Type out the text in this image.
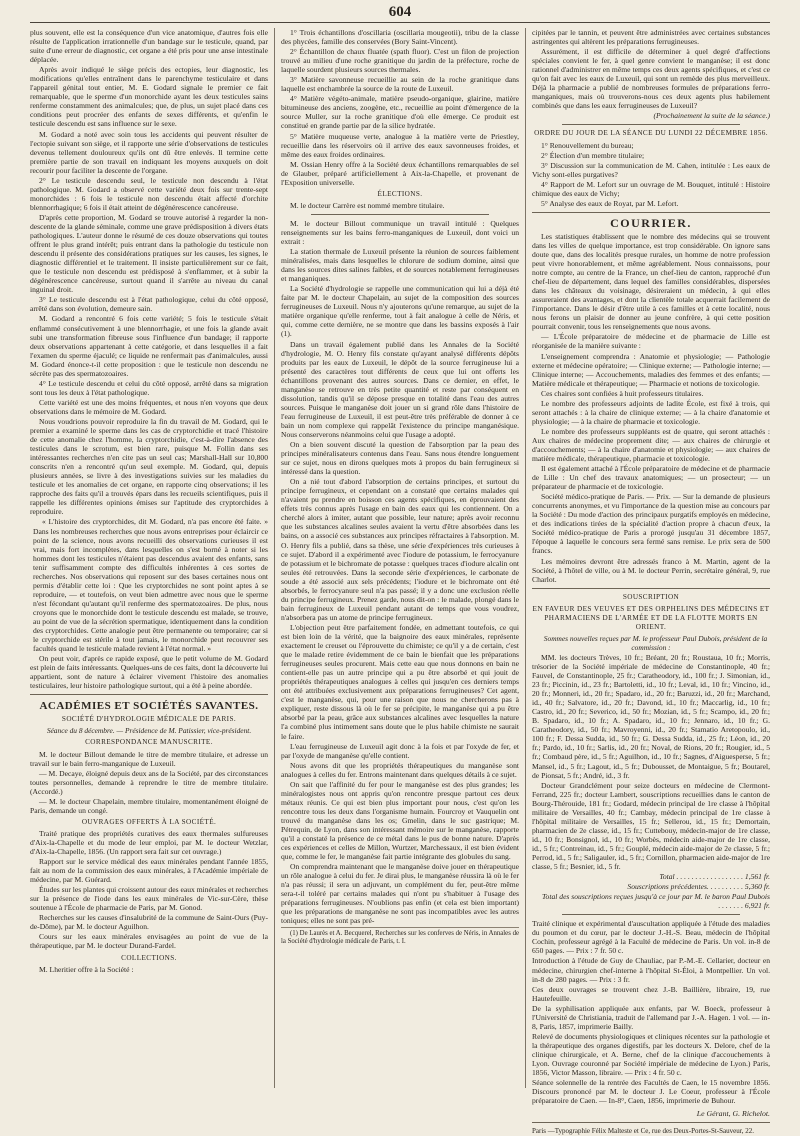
604

plus souvent, elle est la conséquence d'un vice anatomique, d'autres fois elle résulte de l'application irrationnelle d'un bandage sur le testicule, quand, par suite d'une erreur de diagnostic, cet organe a été pris pour une anse intestinale déplacée.

Après avoir indiqué le siège précis des ectopies, leur diagnostic, les modifications qu'elles entraînent dans le parenchyme testiculaire et dans l'appareil génital tout entier, M. E. Godard signale le premier ce fait remarquable, que le sperme d'un monorchide ayant les deux testicules sains renferme constamment des animalcules; que, de plus, un sujet placé dans ces conditions peut procréer des enfants de sexes différents, et qu'enfin le testicule descendu est sans influence sur le sexe.

M. Godard a noté avec soin tous les accidents qui peuvent résulter de l'ectopie suivant son siège, et il rapporte une série d'observations de testicules devenus tellement douloureux qu'ils ont dû être enlevés. Il termine cette première partie de son travail en indiquant les moyens auxquels on doit recourir pour faciliter la descente de l'organe.

2° Le testicule descendu seul, le testicule non descendu à l'état pathologique. M. Godard a observé cette variété deux fois sur trente-sept monorchides : 6 fois le testicule non descendu était affecté d'orchite blennorrhagique; 6 fois il était atteint de dégénérescence cancéreuse.

D'après cette proportion, M. Godard se trouve autorisé à regarder la non-descente de la glande séminale, comme une grave prédisposition à divers états pathologiques. L'auteur donne le résumé de ces douze observations qui toutes offrent le plus grand intérêt; puis entrant dans la pathologie du testicule non descendu il présente des considérations pratiques sur les causes, les signes, le diagnostic différentiel et le traitement. Il insiste particulièrement sur ce fait, que le testicule non descendu est prédisposé à s'enflammer, et à subir la dégénérescence cancéreuse, surtout quand il s'arrête au niveau du canal inguinal droit.

3° Le testicule descendu est à l'état pathologique, celui du côté opposé, arrêté dans son évolution, demeure sain.

M. Godard a rencontré 6 fois cette variété; 5 fois le testicule s'était enflammé consécutivement à une blennorrhagie, et une fois la glande avait subi une transformation fibreuse sous l'influence d'un bandage; il rapporte deux observations appartenant à cette catégorie, et dans lesquelles il a fait l'examen du sperme éjaculé; ce liquide ne renfermait pas d'animalcules, aussi M. Godard énonce-t-il cette proposition : que le testicule non descendu ne sécrète pas des spermatozoaires.

4° Le testicule descendu et celui du côté opposé, arrêté dans sa migration sont tous les deux à l'état pathologique.

Cette variété est une des moins fréquentes, et nous n'en voyons que deux observations dans le mémoire de M. Godard.

Nous voudrions pouvoir reproduire la fin du travail de M. Godard, qui le premier a examiné le sperme dans les cas de cryptorchidie et tracé l'histoire de cette anomalie chez l'homme, la cryptorchidie, c'est-à-dire l'absence des testicules dans le scrotum, est bien rare, puisque M. Follin dans ses intéressantes recherches n'en cite pas un seul cas; Marshall-Hall sur 10,800 conscrits n'en a rencontré qu'un seul exemple. M. Godard, qui, depuis plusieurs années, se livre à des investigations suivies sur les maladies du testicule et les anomalies de cet organe, en rapporte cinq observations; il les rapproche des faits qu'il a trouvés épars dans les recueils scientifiques, puis il rappelle les différentes opinions émises sur l'aptitude des cryptorchides à reproduire.

« L'histoire des cryptorchides, dit M. Godard, n'a pas encore été faite. » Dans les nombreuses recherches que nous avons entreprises pour éclaircir ce point de la science, nous avons recueilli des observations curieuses il est vrai, mais fort incomplètes, dans lesquelles on s'est borné à noter si les hommes dont les testicules n'étaient pas descendus avaient des enfants, sans tenir suffisamment compte des difficultés inhérentes à ces sortes de recherches. Nos observations qui reposent sur des bases certaines nous ont permis d'établir cette loi : Que les cryptorchides ne sont point aptes à se reproduire, — et toutefois, on veut bien admettre avec nous que le sperme n'est fécondant qu'autant qu'il renferme des spermatozoaires. De plus, nous croyons que le monorchide dont le testicule descendu est malade, se trouve, au point de vue de la sécrétion spermatique, identiquement dans la condition des cryptorchides. Cette analogie peut être permanente ou temporaire; car si le cryptorchide est stérile à tout jamais, le monorchide peut recouvrer ses facultés quand le testicule malade revient à l'état normal. »

On peut voir, d'après ce rapide exposé, que le petit volume de M. Godard est plein de faits intéressants. Quelques-uns de ces faits, dont la découverte lui appartient, sont de nature à éclairer vivement l'histoire des anomalies testiculaires, leur histoire pathologique surtout, qui a été à peine abordée.

ACADÉMIES ET SOCIÉTÉS SAVANTES.
SOCIÉTÉ D'HYDROLOGIE MÉDICALE DE PARIS.
Séance du 8 décembre. — Présidence de M. Patissier, vice-président.
CORRESPONDANCE MANUSCRITE.

M. le docteur Billout demande le titre de membre titulaire, et adresse un travail sur le bain ferro-manganique de Luxeuil.

— M. Decaye, éloigné depuis deux ans de la Société, par des circonstances toutes personnelles, demande à reprendre le titre de membre titulaire. (Accordé.)

— M. le docteur Chapelain, membre titulaire, momentanément éloigné de Paris, demande un congé.

OUVRAGES OFFERTS À LA SOCIÉTÉ.

Traité pratique des propriétés curatives des eaux thermales sulfureuses d'Aix-la-Chapelle et du mode de leur emploi, par M. le docteur Wetzlar, d'Aix-la-Chapelle, 1856. (Un rapport sera fait sur cet ouvrage.)

Rapport sur le service médical des eaux minérales pendant l'année 1855, fait au nom de la commission des eaux minérales, à l'Académie impériale de médecine, par M. Guérard.

Études sur les plantes qui croissent autour des eaux minérales et recherches sur la présence de l'iode dans les eaux minérales de Vic-sur-Cère, thèse soutenue à l'École de pharmacie de Paris, par M. Gonod.

Recherches sur les causes d'insalubrité de la commune de Saint-Ours (Puy-de-Dôme), par M. le docteur Aguilhon.

Cours sur les eaux minérales envisagées au point de vue de la thérapeutique, par M. le docteur Durand-Fardel.

COLLECTIONS.

M. Lheritier offre à la Société :

1° Trois échantillons d'oscillaria (oscillaria mougeotii), tribu de la classe des phycées, famille des conservées (Bory Saint-Vincent).

2° Échantillon de chaux fluatée (spath fluor). C'est un filon de projection trouvé au milieu d'une roche granitique du jardin de la préfecture, roche de laquelle sourdent plusieurs sources thermales.

3° Matière savonneuse recueillie au sein de la roche granitique dans laquelle est enchambrée la source de la route de Luxeuil.

4° Matière végéto-animale, matière pseudo-organique, glairine, matière bitumineuse des anciens, zoogène, etc., recueillie au point d'émergence de la source Muller, sur la roche granitique d'où elle émerge. Ce produit est constitué en grande partie par de la silice hydratée.

5° Matière muqueuse verte, analogue à la matière verte de Priestley, recueillie dans les réservoirs où il arrive des eaux savonneuses froides, et même des eaux froides ordinaires.

M. Ossian Henry offre à la Société deux échantillons remarquables de sel de Glauber, préparé artificiellement à Aix-la-Chapelle, et provenant de l'Exposition universelle.

ÉLECTIONS.

M. le docteur Carrère est nommé membre titulaire.

M. le docteur Billout communique un travail intitulé : Quelques renseignements sur les bains ferro-manganiques de Luxeuil, dont voici un extrait :

La station thermale de Luxeuil présente la réunion de sources faiblement minéralisées, mais dans lesquelles le chlorure de sodium domine, ainsi que dans les sources dites salines faibles, et de sources notablement ferrugineuses et manganiques.

La Société d'hydrologie se rappelle une communication qui lui a déjà été faite par M. le docteur Chapelain, au sujet de la composition des sources ferrugineuses de Luxeuil. Nous n'y ajouterons qu'une remarque, au sujet de la matière organique qu'elle renferme, tout à fait analogue à celle de Néris, et qui, comme cette dernière, ne se montre que dans les bassins exposés à l'air (1).

Dans un travail également publié dans les Annales de la Société d'hydrologie, M. O. Henry fils constate qu'ayant analysé différents dépôts produits par les eaux de Luxeuil, le dépôt de la source ferrugineuse lui a présenté des caractères tout différents de ceux que lui ont offerts les échantillons provenant des autres sources. Dans ce dernier, en effet, le manganèse se retrouve en très petite quantité et reste par conséquent en dissolution, tandis qu'il se dépose presque en totalité dans l'eau des autres sources. Puisque le manganèse doit jouer un si grand rôle dans l'histoire de l'eau ferrugineuse de Luxeuil, il est peut-être très préférable de donner à ce bain un nom complexe qui rappelât l'existence du principe manganésique. Nous conserverons néanmoins celui que l'usage a adopté.

On a bien souvent discuté la question de l'absorption par la peau des principes minéralisateurs contenus dans l'eau. Sans nous étendre longuement sur ce sujet, nous en dirons quelques mots à propos du bain ferrugineux si intéressé dans la question.

On a nié tout d'abord l'absorption de certains principes, et surtout du principe ferrugineux, et cependant on a constaté que certains malades qui n'avaient pu prendre en boisson ces agents spécifiques, en éprouvaient des effets très connus après l'usage en bain des eaux qui les contiennent. On a cherché alors à imiter, autant que possible, leur nature; après avoir reconnu que les substances alcalines seules avaient la vertu d'être absorbées dans les bains, on a associé ces substances aux principes réfractaires à l'absorption. M. O. Henry fils a publié, dans sa thèse, une série d'expériences très curieuses à ce sujet. D'abord il a expérimenté avec l'iodure de potassium, le ferrocyanure de potassium et le bichromate de potasse : quelques traces d'iodure alcalin ont seules été retrouvées. Dans la seconde série d'expériences, le carbonate de soude a été associé aux sels précédents; l'iodure et le bichromate ont été absorbés, le ferrocyanure seul n'a pas passé; il y a donc une exclusion réelle du principe ferrugineux. Prenez garde, nous dit-on : le malade, plongé dans le bain ferrugineux de Luxeuil pendant autant de temps que vous voudrez, n'absorbera pas un atome de principe ferrugineux.

L'objection peut être parfaitement fondée, en admettant toutefois, ce qui est bien loin de la vérité, que la baignoire des eaux minérales, représente exactement le creuset ou l'éprouvette du chimiste; ce qu'il y a de certain, c'est que le malade retire évidemment de ce bain le bienfait que les préparations ferrugineuses seules procurent. Mais cette eau que nous donnons en bain ne contient-elle pas un autre principe qui a pu être absorbé et qui jouit de propriétés thérapeutiques analogues à celles qui jusqu'en ces derniers temps ont été attribuées exclusivement aux préparations ferrugineuses? Cet agent, c'est le manganèse, qui, pour une raison que nous ne chercherons pas à expliquer, reste dissous là où le fer se précipite, le manganèse qui a pu être absorbé par la peau, grâce aux substances alcalines avec lesquelles la nature l'a combiné plus intimement sans doute que le plus habile chimiste ne saurait le faire.

L'eau ferrugineuse de Luxeuil agit donc à la fois et par l'oxyde de fer, et par l'oxyde de manganèse qu'elle contient.

Nous avons dit que les propriétés thérapeutiques du manganèse sont analogues à celles du fer. Entrons maintenant dans quelques détails à ce sujet.

On sait que l'affinité du fer pour le manganèse est des plus grandes; les minéralogistes nous ont appris qu'on rencontre presque partout ces deux métaux réunis. Ce qui est bien plus important pour nous, c'est qu'on les rencontre tous les deux dans l'organisme humain. Fourcroy et Vauquelin ont trouvé du manganèse dans les os; Gmelin, dans le suc gastrique; M. Pétrequin, de Lyon, dans son intéressant mémoire sur le manganèse, rapporte qu'il a constaté la présence de ce métal dans le pus de bonne nature. D'après ces expériences et celles de Millon, Wurtzer, Marchessaux, il est bien évident que, comme le fer, le manganèse fait partie intégrante des globules du sang.

On comprendra maintenant que le manganèse doive jouer en thérapeutique un rôle analogue à celui du fer. Je dirai plus, le manganèse réussira là où le fer n'a pas réussi; il sera un adjuvant, un complément du fer, peut-être même sera-t-il toléré par certains malades qui n'ont pu s'habituer à l'usage des préparations ferrugineuses. N'oublions pas enfin (et cela est bien important) que les préparations de manganèse ne sont pas incompatibles avec les autres toniques; elles ne sont pas pré-

(1) De Laurès et A. Becquerel, Recherches sur les conferves de Néris, in Annales de la Société d'hydrologie médicale de Paris, t. I.

cipitées par le tannin, et peuvent être administrées avec certaines substances astringentes qui altèrent les préparations ferrugineuses.

Assurément, il est difficile de déterminer à quel degré d'affections spéciales convient le fer, à quel genre convient le manganèse; il est donc rationnel d'administrer en même temps ces deux agents spécifiques, et c'est ce qu'on fait avec les eaux de Luxeuil, qui sont un remède des plus merveilleux. Déjà la pharmacie a publié de nombreuses formules de préparations ferro-manganiques, mais où trouverons-nous ces deux agents plus habilement combinés que dans les eaux ferrugineuses de Luxeuil?

(Prochainement la suite de la séance.)

ORDRE DU JOUR DE LA SÉANCE DU LUNDI 22 DÉCEMBRE 1856.

1° Renouvellement du bureau;

2° Élection d'un membre titulaire;

3° Discussion sur la communication de M. Cahen, intitulée : Les eaux de Vichy sont-elles purgatives?

4° Rapport de M. Lefort sur un ouvrage de M. Bouquet, intitulé : Histoire chimique des eaux de Vichy;

5° Analyse des eaux de Royat, par M. Lefort.

COURRIER.

Les statistiques établissent que le nombre des médecins qui se trouvent dans les villes de quelque importance, est trop considérable. On ignore sans doute que, dans des localités presque rurales, un homme de notre profession peut vivre honorablement, et même agréablement. Nous connaissons, pour notre compte, au centre de la France, un chef-lieu de canton, rapproché d'un chef-lieu de département, dans lequel des familles considérables, dispersées dans les châteaux du voisinage, désireraient un médecin, à qui elles assureraient des avantages, et dont la clientèle totale acquerrait facilement de l'importance. Dans le désir d'être utile à ces familles et à cette localité, nous nous ferons un plaisir de donner au jeune confrère, à qui cette position pourrait convenir, tous les renseignements que nous avons.

— L'École préparatoire de médecine et de pharmacie de Lille est réorganisée de la manière suivante :

L'enseignement comprendra : Anatomie et physiologie; — Pathologie externe et médecine opératoire; — Clinique externe; — Pathologie interne; — Clinique interne; — Accouchements, maladies des femmes et des enfants; — Matière médicale et thérapeutique; — Pharmacie et notions de toxicologie.

Ces chaires sont confiées à huit professeurs titulaires.

Le nombre des professeurs adjoints de ladite École, est fixé à trois, qui seront attachés : à la chaire de clinique externe; — à la chaire d'anatomie et physiologie; — à la chaire de pharmacie et toxicologie.

Le nombre des professeurs suppléants est de quatre, qui seront attachés : Aux chaires de médecine proprement dite; — aux chaires de chirurgie et d'accouchements; — à la chaire d'anatomie et physiologie; — aux chaires de matière médicale, thérapeutique, pharmacie et toxicologie.

Il est également attaché à l'École préparatoire de médecine et de pharmacie de Lille : Un chef des travaux anatomiques; — un prosecteur; — un préparateur de pharmacie et de toxicologie.

Société médico-pratique de Paris. — Prix. — Sur la demande de plusieurs concurrents anonymes, et vu l'importance de la question mise au concours par la Société : Du mode d'action des principaux purgatifs employés en médecine, et des indications tirées de la spécialité d'action propre à chacun d'eux, la Société médico-pratique de Paris a prorogé jusqu'au 31 décembre 1857, l'époque à laquelle le concours sera fermé sans remise. Le prix sera de 500 francs.

Les mémoires devront être adressés franco à M. Martin, agent de la Société, à l'hôtel de ville, ou à M. le docteur Perrin, secrétaire général, 9, rue Charlot.

SOUSCRIPTION
EN FAVEUR DES VEUVES ET DES ORPHELINS DES MÉDECINS ET PHARMACIENS DE L'ARMÉE ET DE LA FLOTTE MORTS EN ORIENT.

Sommes nouvelles reçues par M. le professeur Paul Dubois, président de la commission :

MM. les docteurs Trèves, 10 fr.; Bréant, 20 fr.; Roustaua, 10 fr.; Morris, trésorier de la Société impériale de médecine de Constantinople, 40 fr.; Fauvel, de Constantinople, 25 fr.; Caratheodory, id., 100 fr.; J. Simonian, id., 23 fr.; Piccinin, id., 23 fr.; Bartoletti, id., 10 fr.; Leval, id., 10 fr.; Vincino, id., 20 fr.; Monneri, id., 20 fr.; Spadaro, id., 20 fr.; Baruzzi, id., 20 fr.; Marchand, id., 40 fr.; Salvatore, id., 20 fr.; Davond, id., 10 fr.; Maccarlig, id., 10 fr.; Castro, id., 20 fr.; Severico, id., 50 fr.; Mozian, id., 5 fr.; Scampo, id., 20 fr.; B. Spadaro, id., 10 fr.; A. Spadaro, id., 10 fr.; Jennaro, id., 10 fr.; G. Caratheodory, id., 50 fr.; Mavroyenni, id., 20 fr.; Stamatio Aretopoulo, id., 100 fr.; F. Dessa Sudda, id., 50 fr.; G. Dessa Sudda, id., 25 fr.; Léon, id., 20 fr.; Pardo, id., 10 fr.; Sarlis, id., 20 fr.; Noval, de Rions, 20 fr.; Rougier, id., 5 fr.; Combaud père, id., 5 fr.; Aguilhon, id., 10 fr.; Sagnes, d'Aiguesperse, 5 fr.; Mansel, id., 5 fr.; Lagout, id., 5 fr.; Dubousset, de Montaigue, 5 fr.; Boutarel, de Pionsat, 5 fr.; André, id., 3 fr.

Docteur Grandclément pour seize docteurs en médecine de Clermont-Ferrand, 225 fr.; docteur Lambert, souscriptions recueillies dans le canton de Bourg-Thérouide, 181 fr.; Godard, médecin principal de 1re classe à l'hôpital militaire de Versailles, 40 fr.; Cambay, médecin principal de 1re classe à l'hôpital militaire de Versailles, 15 fr.; Sellerou, id., 15 fr.; Demortain, pharmacien de 2e classe, id., 15 fr.; Cuttebouy, médecin-major de 1re classe, id., 10 fr.; Bonsignol, id., 10 fr.; Worbès, médecin aide-major de 1re classe, id., 5 fr.; Contreinau, id., 5 fr.; Gouplé, médecin aide-major de 2e classe, 5 fr.; Perrod, id., 5 fr.; Saligauler, id., 5 fr.; Cornillon, pharmacien aide-major de 1re classe, 5 fr.; Besnier, id., 5 fr.

Total . . . . . . . . . . . . . . . . . . 1,561 fr.

Souscriptions précédentes. . . . . . . . . . 5,360 fr.

Total des souscriptions reçues jusqu'à ce jour par M. le baron Paul Dubois . . . . . . . 6,921 fr.

Traité clinique et expérimental d'auscultation appliquée à l'étude des maladies du poumon et du cœur, par le docteur J.-H.-S. Beau, médecin de l'hôpital Cochin, professeur agrégé à la Faculté de médecine de Paris. Un vol. in-8 de 650 pages. — Prix : 7 fr. 50 c.

Introduction à l'étude de Guy de Chauliac, par P.-M.-E. Cellarier, docteur en médecine, chirurgien chef-interne à l'hôpital St-Éloi, à Montpellier. Un vol. in-8 de 280 pages. — Prix : 3 fr.

Ces deux ouvrages se trouvent chez J.-B. Baillière, libraire, 19, rue Hautefeuille.

De la syphilisation appliquée aux enfants, par W. Boeck, professeur à l'Université de Christiania, traduit de l'allemand par J.-A. Hagen. 1 vol. — in-8, Paris, 1857, imprimerie Bailly.

Relevé de documents physiologiques et cliniques récentes sur la pathologie et la thérapeutique des organes digestifs, par les docteurs X. Delore, chef de la clinique chirurgicale, et A. Berne, chef de la clinique d'accouchements à Lyon. Ouvrage couronné par Société impériale de médecine de Lyon.) Paris, 1856, Victor Masson, libraire. — Prix : 4 fr. 50 c.

Séance solennelle de la rentrée des Facultés de Caen, le 15 novembre 1856. Discours prononcé par M. le docteur J. Le Coeur, professeur à l'École préparatoire de Caen. — In-8°, Caen, 1856, imprimerie de Buhour.

Le Gérant, G. Richelot.
Paris —Typographie Félix Malteste et Ce, rue des Deux-Portes-St-Sauveur, 22.
